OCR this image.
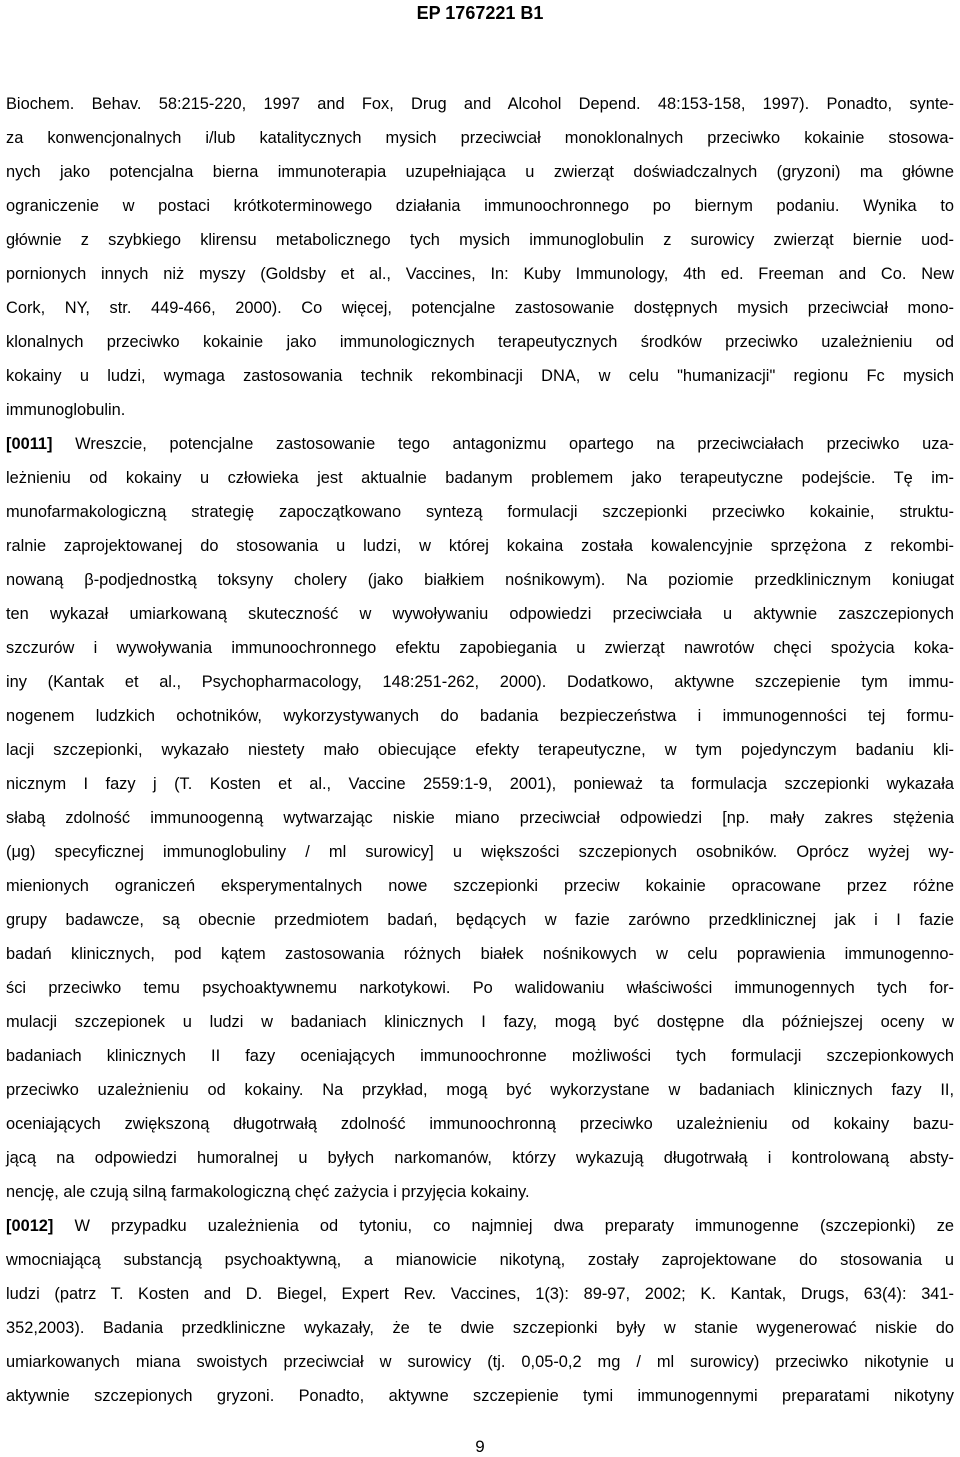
EP 1767221 B1
Biochem. Behav. 58:215-220, 1997 and Fox, Drug and Alcohol Depend. 48:153-158, 1997). Ponadto, synte-
za konwencjonalnych i/lub katalitycznych mysich przeciwciał monoklonalnych przeciwko kokainie stosowa-
nych jako potencjalna bierna immunoterapia uzupełniająca u zwierząt doświadczalnych (gryzoni) ma główne
ograniczenie w postaci krótkoterminowego działania immunoochronnego po biernym podaniu. Wynika to
głównie z szybkiego klirensu metabolicznego tych mysich immunoglobulin z surowicy zwierząt biernie uod-
pornionych innych niż myszy (Goldsby et al., Vaccines, In: Kuby Immunology, 4th ed. Freeman and Co. New
Cork, NY, str. 449-466, 2000). Co więcej, potencjalne zastosowanie dostępnych mysich przeciwciał mono-
klonalnych przeciwko kokainie jako immunologicznych terapeutycznych środków przeciwko uzależnieniu od
kokainy u ludzi, wymaga zastosowania technik rekombinacji DNA, w celu "humanizacji" regionu Fc mysich
immunoglobulin.
[0011] Wreszcie, potencjalne zastosowanie tego antagonizmu opartego na przeciwciałach przeciwko uza-
leżnieniu od kokainy u człowieka jest aktualnie badanym problemem jako terapeutyczne podejście. Tę im-
munofarmakologiczną strategię zapoczątkowano syntezą formulacji szczepionki przeciwko kokainie, struktu-
ralnie zaprojektowanej do stosowania u ludzi, w której kokaina została kowalencyjnie sprzężona z rekombi-
nowaną β-podjednostką toksyny cholery (jako białkiem nośnikowym). Na poziomie przedklinicznym koniugat
ten wykazał umiarkowaną skuteczność w wywoływaniu odpowiedzi przeciwciała u aktywnie zaszczepionych
szczurów i wywoływania immunoochronnego efektu zapobiegania u zwierząt nawrotów chęci spożycia koka-
iny (Kantak et al., Psychopharmacology, 148:251-262, 2000). Dodatkowo, aktywne szczepienie tym immu-
nogenem ludzkich ochotników, wykorzystywanych do badania bezpieczeństwa i immunogenności tej formu-
lacji szczepionki, wykazało niestety mało obiecujące efekty terapeutyczne, w tym pojedynczym badaniu kli-
nicznym I fazy j (T. Kosten et al., Vaccine 2559:1-9, 2001), ponieważ ta formulacja szczepionki wykazała
słabą zdolność immunoogenną wytwarzając niskie miano przeciwciał odpowiedzi [np. mały zakres stężenia
(μg) specyficznej immunoglobuliny / ml surowicy] u większości szczepionych osobników. Oprócz wyżej wy-
mienionych ograniczeń eksperymentalnych nowe szczepionki przeciw kokainie opracowane przez różne
grupy badawcze, są obecnie przedmiotem badań, będących w fazie zarówno przedklinicznej jak i I fazie
badań klinicznych, pod kątem zastosowania różnych białek nośnikowych w celu poprawienia immunogenno-
ści przeciwko temu psychoaktywnemu narkotykowi. Po walidowaniu właściwości immunogennych tych for-
mulacji szczepionek u ludzi w badaniach klinicznych I fazy, mogą być dostępne dla późniejszej oceny w
badaniach klinicznych II fazy oceniających immunoochronne możliwości tych formulacji szczepionkowych
przeciwko uzależnieniu od kokainy. Na przykład, mogą być wykorzystane w badaniach klinicznych fazy II,
oceniających zwiększoną długotrwałą zdolność immunoochronną przeciwko uzależnieniu od kokainy bazu-
jącą na odpowiedzi humoralnej u byłych narkomanów, którzy wykazują długotrwałą i kontrolowaną absty-
nencję, ale czują silną farmakologiczną chęć zażycia i przyjęcia kokainy.
[0012] W przypadku uzależnienia od tytoniu, co najmniej dwa preparaty immunogenne (szczepionki) ze
wmocniającą substancją psychoaktywną, a mianowicie nikotyną, zostały zaprojektowane do stosowania u
ludzi (patrz T. Kosten and D. Biegel, Expert Rev. Vaccines, 1(3): 89-97, 2002; K. Kantak, Drugs, 63(4): 341-
352,2003). Badania przedkliniczne wykazały, że te dwie szczepionki były w stanie wygenerować niskie do
umiarkowanych miana swoistych przeciwciał w surowicy (tj. 0,05-0,2 mg / ml surowicy) przeciwko nikotynie u
aktywnie szczepionych gryzoni. Ponadto, aktywne szczepienie tymi immunogennymi preparatami nikotyny
9
